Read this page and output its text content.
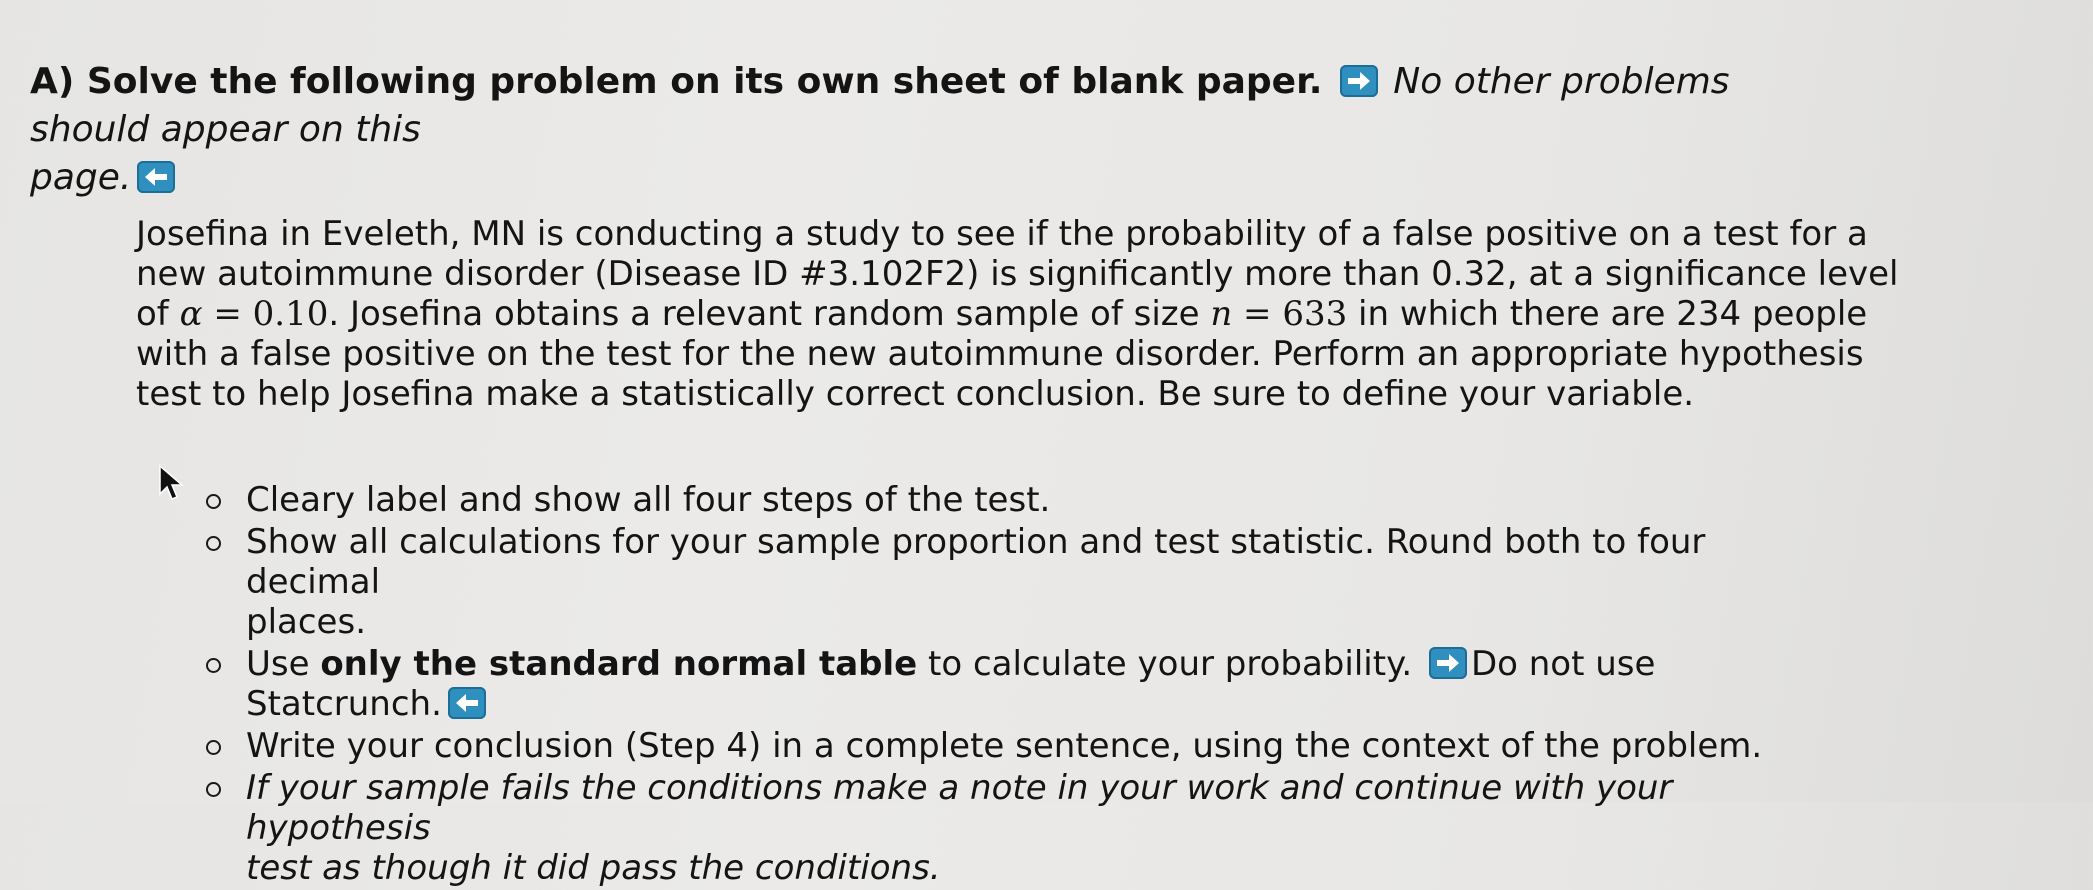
A) Solve the following problem on its own sheet of blank paper. No other problems should appear on this
page.
Josefina in Eveleth, MN is conducting a study to see if the probability of a false positive on a test for a
new autoimmune disorder (Disease ID #3.102F2) is significantly more than 0.32, at a significance level
of α = 0.10. Josefina obtains a relevant random sample of size n = 633 in which there are 234 people
with a false positive on the test for the new autoimmune disorder. Perform an appropriate hypothesis
test to help Josefina make a statistically correct conclusion. Be sure to define your variable.
Cleary label and show all four steps of the test.
Show all calculations for your sample proportion and test statistic. Round both to four decimal
places.
Use only the standard normal table to calculate your probability. Do not use Statcrunch.
Write your conclusion (Step 4) in a complete sentence, using the context of the problem.
If your sample fails the conditions make a note in your work and continue with your hypothesis
test as though it did pass the conditions.
